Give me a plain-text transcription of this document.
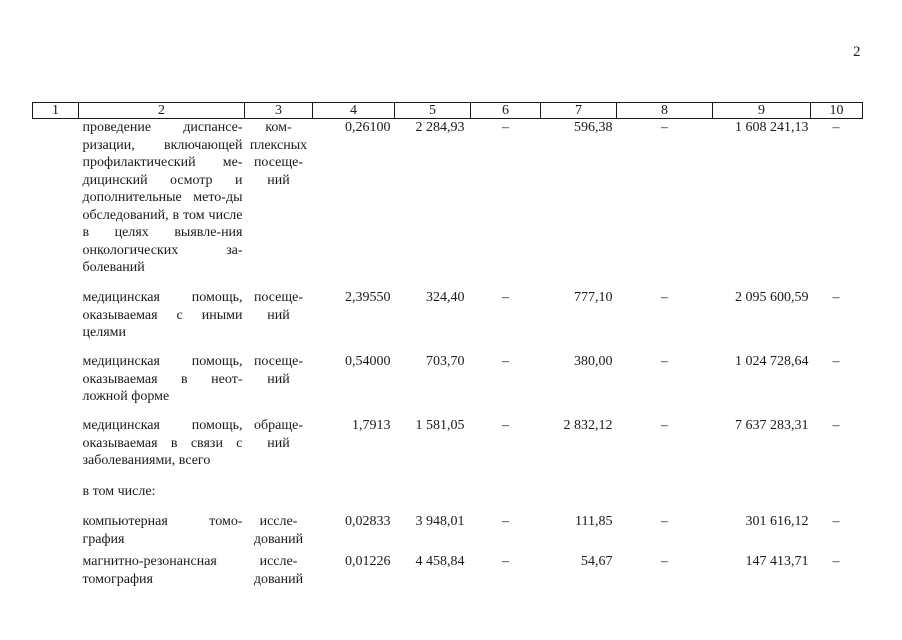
2
1	2	3	4	5	6	7	8	9	10
	проведение диспансе-ризации, включающей профилактический ме-дицинский осмотр и дополнительные мето-ды обследований, в том числе в целях выявле-ния онкологических за-болеваний	ком-плексных посеще-ний	0,26100	2 284,93	–	596,38	–	1 608 241,13	–
	медицинская помощь, оказываемая с иными целями	посеще-ний	2,39550	324,40	–	777,10	–	2 095 600,59	–
	медицинская помощь, оказываемая в неот-ложной форме	посеще-ний	0,54000	703,70	–	380,00	–	1 024 728,64	–
	медицинская помощь, оказываемая в связи с заболеваниями, всего	обраще-ний	1,7913	1 581,05	–	2 832,12	–	7 637 283,31	–
	в том числе:								
	компьютерная томо-графия	иссле-дований	0,02833	3 948,01	–	111,85	–	301 616,12	–
	магнитно-резонансная томография	иссле-дований	0,01226	4 458,84	–	54,67	–	147 413,71	–
